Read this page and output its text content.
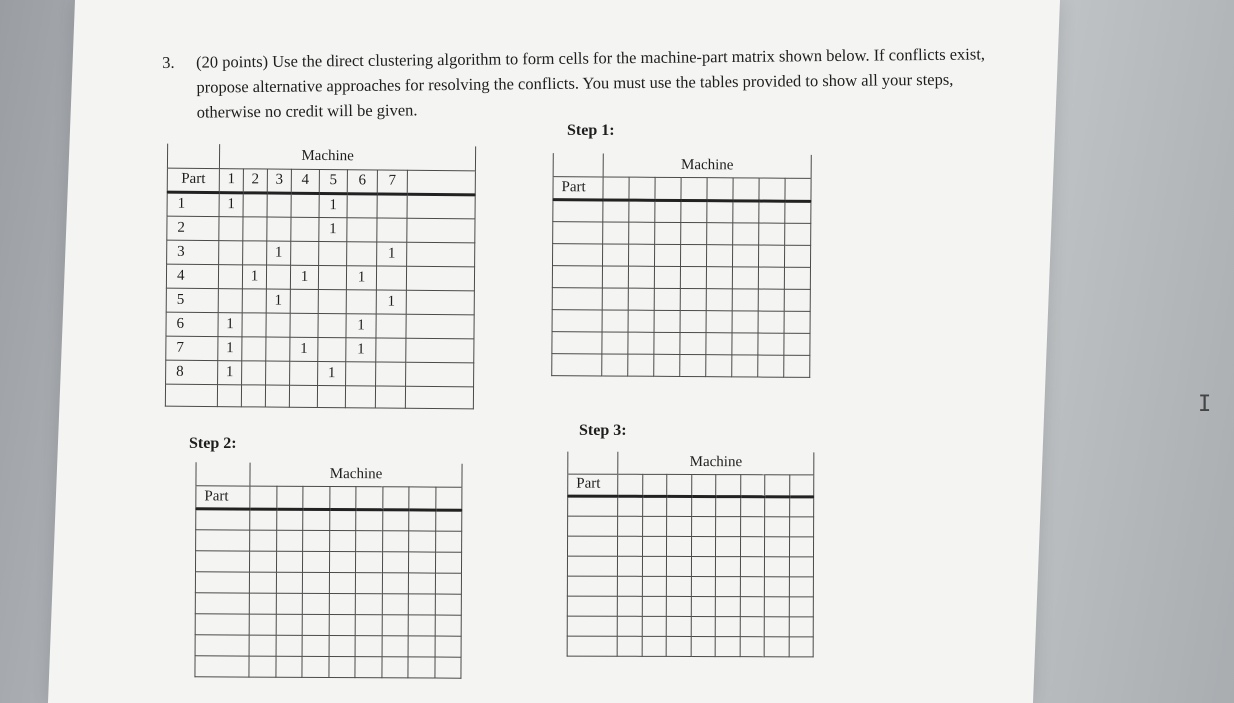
3. (20 points) Use the direct clustering algorithm to form cells for the machine-part matrix shown below. If conflicts exist, propose alternative approaches for resolving the conflicts. You must use the tables provided to show all your steps, otherwise no credit will be given.
Step 1:
Step 2:
Step 3:
	Machine							
Part	1	2	3	4	5	6	7	
1	1				1			
2					1			
3			1				1	
4		1		1		1		
5			1				1	
6	1					1		
7	1			1		1		
8	1				1			

	Machine							
Part								

	Machine							
Part								

	Machine							
Part								

I
